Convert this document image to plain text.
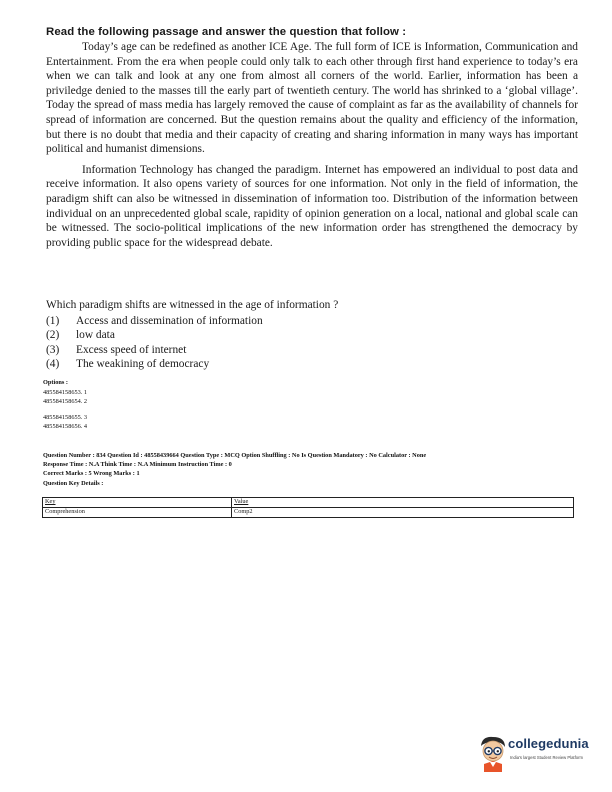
Read the following passage and answer the question that follow :

Today’s age can be redefined as another ICE Age. The full form of ICE is Information, Communication and Entertainment. From the era when people could only talk to each other through first hand experience to today’s era when we can talk and look at any one from almost all corners of the world. Earlier, information has been a priviledge denied to the masses till the early part of twentieth century. The world has shrinked to a ‘global village’. Today the spread of mass media has largely removed the cause of complaint as far as the availability of channels for spread of information are concerned. But the question remains about the quality and efficiency of the information, but there is no doubt that media and their capacity of creating and sharing information in many ways has important political and humanist dimensions.

Information Technology has changed the paradigm. Internet has empowered an individual to post data and receive information. It also opens variety of sources for one information. Not only in the field of information, the paradigm shift can also be witnessed in dissemination of information too. Distribution of the information between individual on an unprecedented global scale, rapidity of opinion generation on a local, national and global scale can be witnessed. The socio-political implications of the new information order has strengthened the democracy by providing public space for the widespread debate.

Which paradigm shifts are witnessed in the age of information ?

(1)	Access and dissemination of information
(2)	low data
(3)	Excess speed of internet
(4)	The weakining of democracy
Options :
485584158653. 1
485584158654. 2
485584158655. 3
485584158656. 4
Question Number : 834 Question Id : 48558439664 Question Type : MCQ Option Shuffling : No Is Question Mandatory : No Calculator : None
Response Time : N.A Think Time : N.A Minimum Instruction Time : 0
Correct Marks : 5 Wrong Marks : 1
Question Key Details :
Key	Value
Comprehension	Comp2
collegedunia
India's largest Student Review Platform
